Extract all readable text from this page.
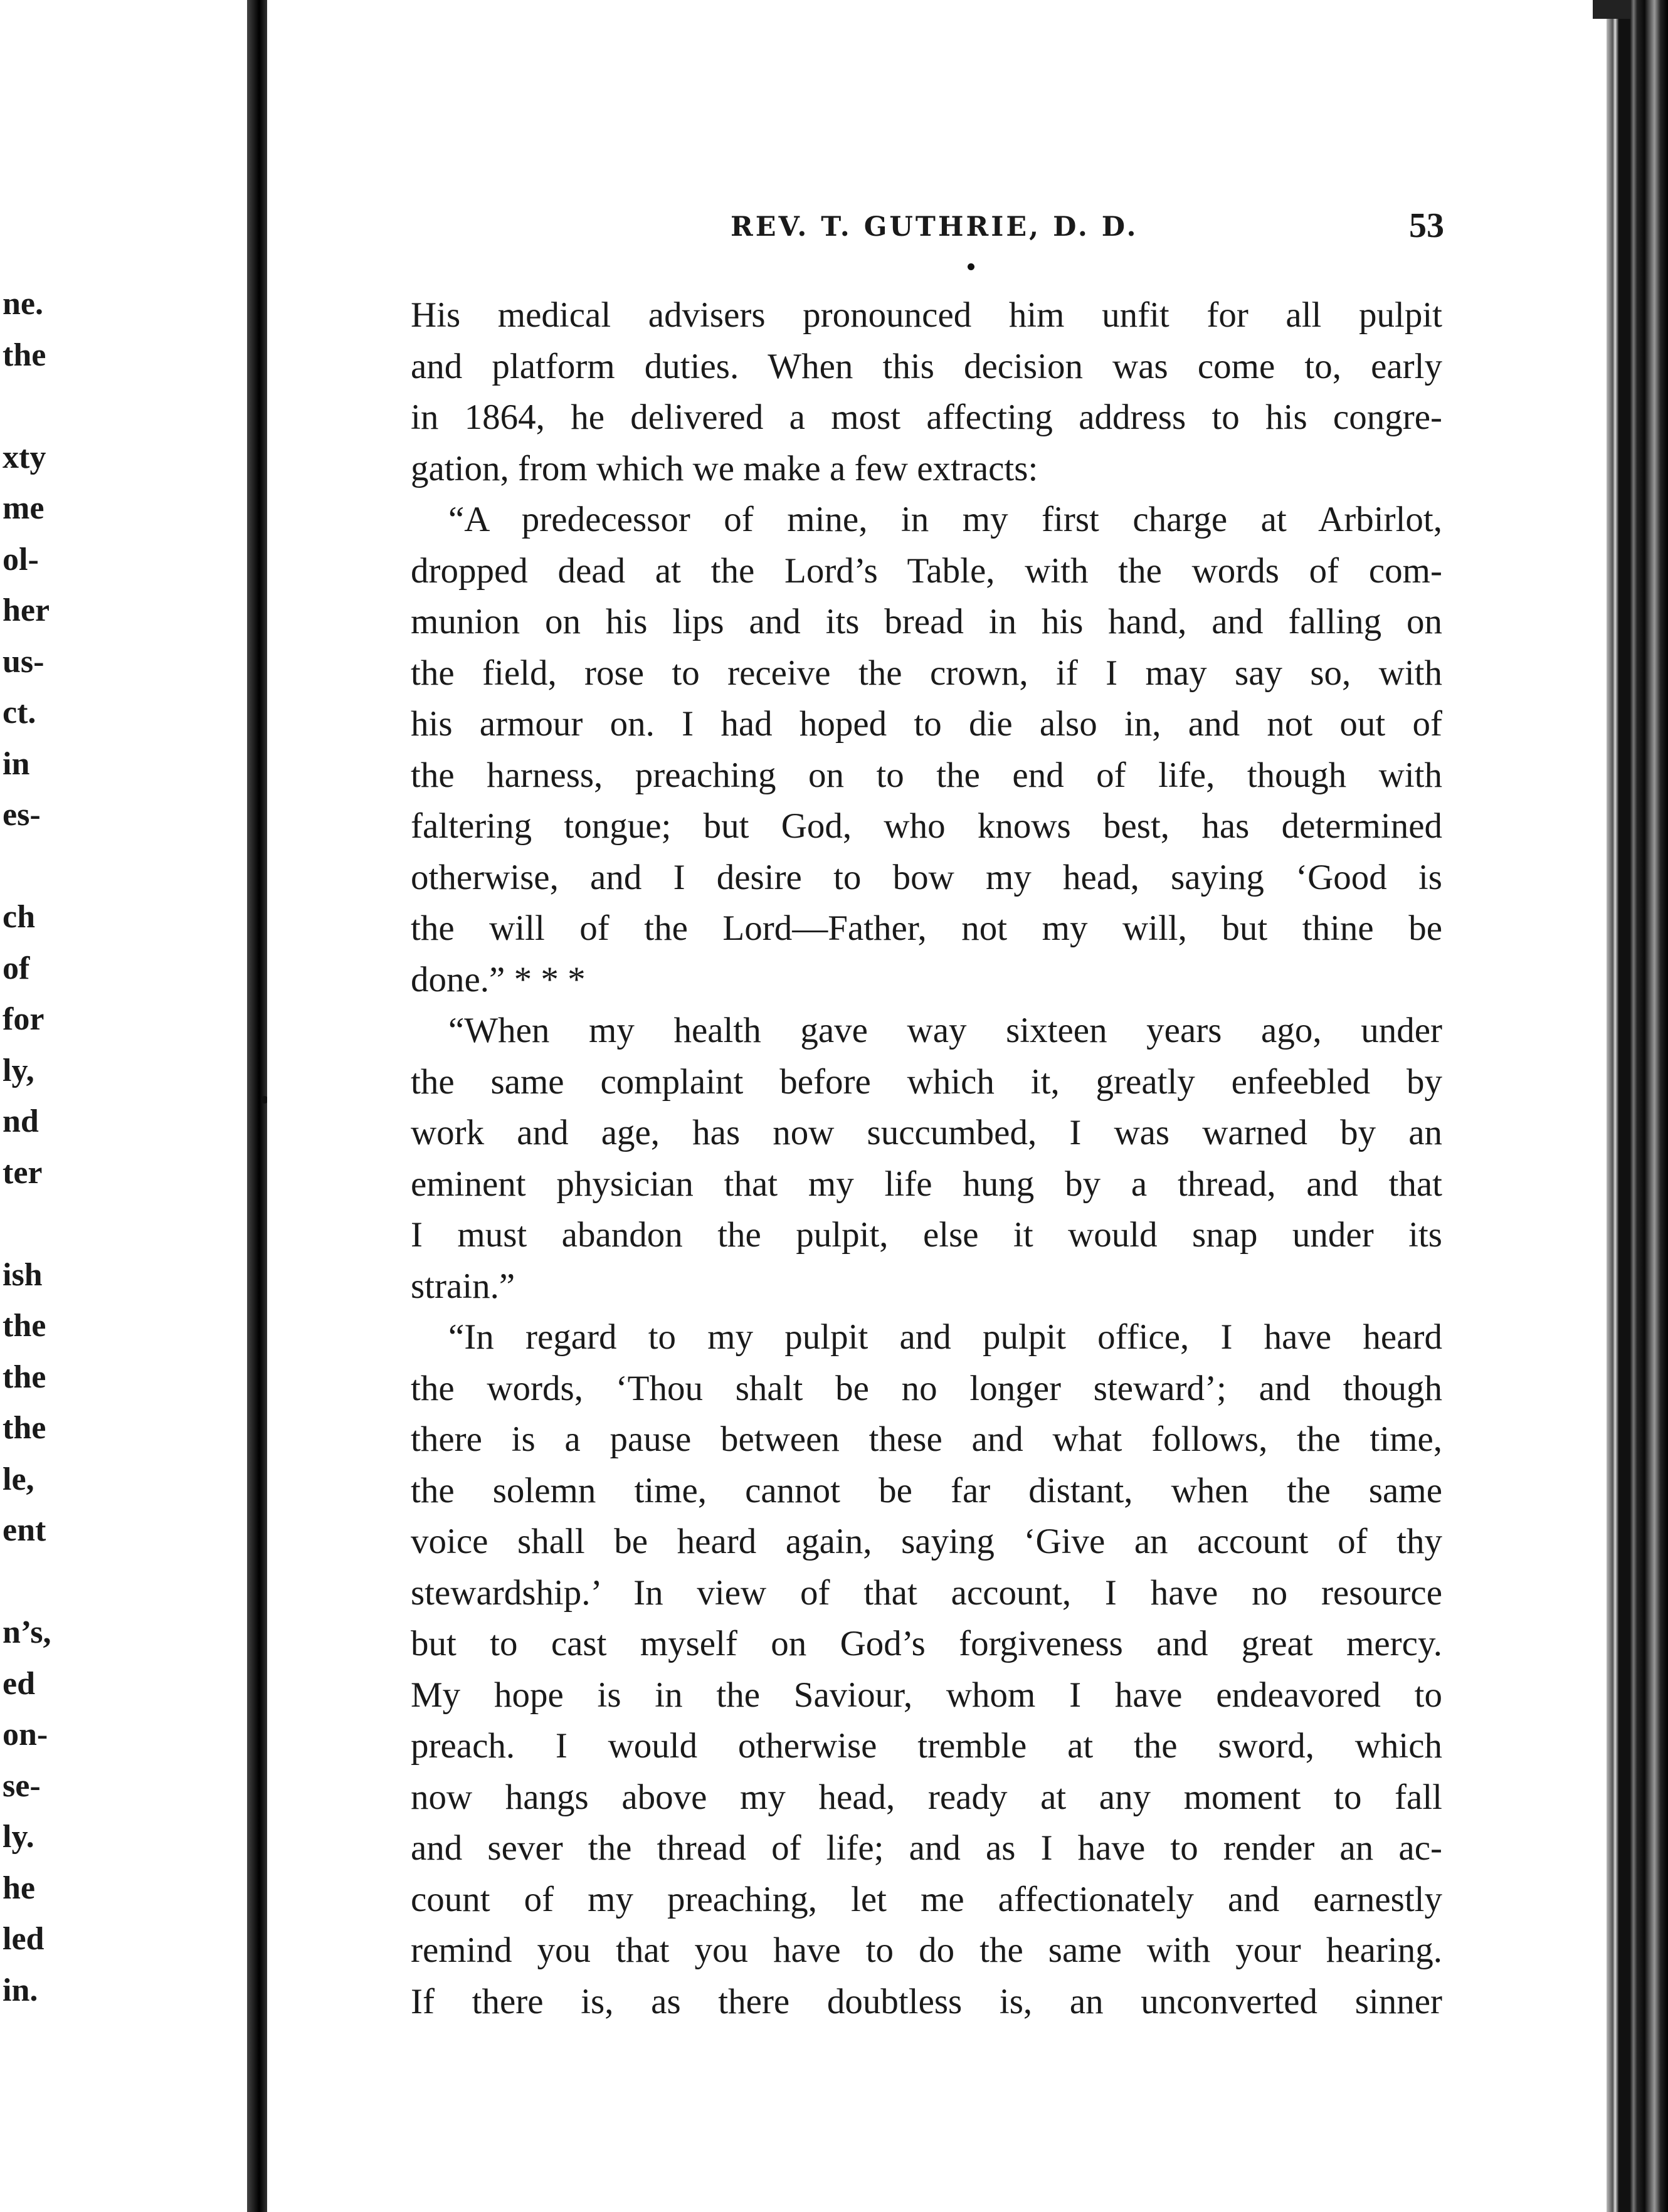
ne.
the
xty
me
ol-
her
us-
ct.
in
es-
ch
of
for
ly,
nd
ter
ish
the
the
the
le,
ent
n’s,
ed
on-
se-
ly.
he
led
in.
REV. T. GUTHRIE, D. D.	53
His medical advisers pronounced him unfit for all pulpit
and platform duties. When this decision was come to, early
in 1864, he delivered a most affecting address to his congre-
gation, from which we make a few extracts:
“A predecessor of mine, in my first charge at Arbirlot,
dropped dead at the Lord’s Table, with the words of com-
munion on his lips and its bread in his hand, and falling on
the field, rose to receive the crown, if I may say so, with
his armour on. I had hoped to die also in, and not out of
the harness, preaching on to the end of life, though with
faltering tongue; but God, who knows best, has determined
otherwise, and I desire to bow my head, saying ‘Good is
the will of the Lord—Father, not my will, but thine be
done.” * * *
“When my health gave way sixteen years ago, under
the same complaint before which it, greatly enfeebled by
work and age, has now succumbed, I was warned by an
eminent physician that my life hung by a thread, and that
I must abandon the pulpit, else it would snap under its
strain.”
“In regard to my pulpit and pulpit office, I have heard
the words, ‘Thou shalt be no longer steward’; and though
there is a pause between these and what follows, the time,
the solemn time, cannot be far distant, when the same
voice shall be heard again, saying ‘Give an account of thy
stewardship.’ In view of that account, I have no resource
but to cast myself on God’s forgiveness and great mercy.
My hope is in the Saviour, whom I have endeavored to
preach. I would otherwise tremble at the sword, which
now hangs above my head, ready at any moment to fall
and sever the thread of life; and as I have to render an ac-
count of my preaching, let me affectionately and earnestly
remind you that you have to do the same with your hearing.
If there is, as there doubtless is, an unconverted sinner
